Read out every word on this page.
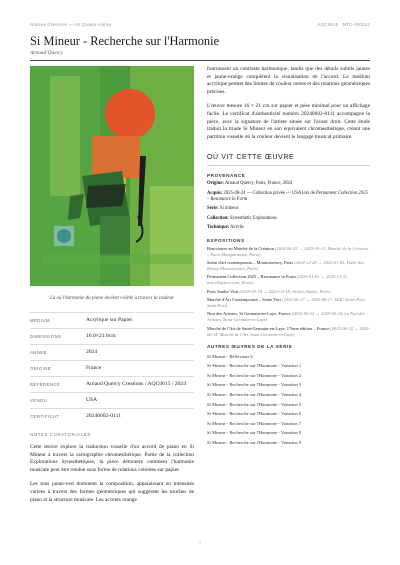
Notices d'œuvres — Art Quaen Anima	AQC0615 · NTC-000212
Si Mineur - Recherche sur l'Harmonie
Arnaud Quercy
Là où l'harmonie du piano devient visible à travers la couleur
MÉDIUM	Acrylique sur Papier
DIMENSIONS	16.0×21.0cm
ANNÉE	2024
ORIGINE	France
RÉFÉRENCE	Arnaud Quercy Creations / AQC0615 / 2024
VENDU	USA
CERTIFICAT	20240602-0111
NOTES CURATORIALES
Cette œuvre explore la traduction visuelle d'un accord de piano en Si Mineur à travers la cartographie chromesthétique. Partie de la collection Explorations Synesthétiques, la pièce démontre comment l'harmonie musicale peut être rendue sous forme de relations colorées sur papier.
Les tons jaune-vert dominent la composition, apparaissant en intensités variées à travers des formes géométriques qui suggèrent les touches de piano et la structure musicale. Les accents orange
fournissent un contraste harmonique, tandis que des détails subtils jaunes et jaune-orange complètent la visualisation de l'accord. Le médium acrylique permet des limites de couleur nettes et des relations géométriques précises.
L'œuvre mesure 16 × 21 cm sur papier et pèse minimal pour un affichage facile. Le certificat d'authenticité numéro 20240602-0111 accompagne la pièce, avec la signature de l'artiste située sur l'avant droit. Cette étude traduit la triade Si Mineur en son équivalent chromesthétique, créant une partition visuelle où la couleur devient le langage musical primaire.
OÙ VIT CETTE ŒUVRE
PROVENANCE
Origine: Arnaud Quercy, Paris, France, 2024
Acquis: 2025-08-24 — Collection privée — USA lors de Permanent Collection 2025 – Resonance in Form
Série: Si mineur
Collection: Synesthetic Explorations
Technique: Acrylic
EXPOSITIONS
Rencontres au Marché de la Création (2024-06-23 → 2025-10-13, Marché de la Création – Paris Montparnasse, Paris)
Salon d'art contemporain – Montmorency, Paris (2024-12-26 → 2025-01-05, Halle des Roissy-Montmorency, Paris)
Permanent Collection 2025 – Resonance in Form (2025-01-01 → 2025-12-31, artcollapsnet.com, Paris)
Paris Studio Visit (2025-03-18 → 2025-03-18, Artist's Studio, Paris)
Marché d'Art Contemporain – Seine Port (2025-06-17 → 2025-06-17, MAC Seine-Port, Saint-Port)
Nuit des Artistes, St Germain-en-Laye, France (2025-06-24 → 2025-06-24, La Nuit des Artistes, Saint-Germain-en-Laye)
Marché de l'Art de Saint-Germain-en-Laye, 17ème édition – France (2025-06-14 → 2025-06-14, Marché de l'Art, Saint-Germain-en-Laye)
AUTRES ŒUVRES DE LA SÉRIE
Si Mineur - Réflexions 6
Si Mineur - Recherche sur l'Harmonie - Variation 1
Si Mineur - Recherche sur l'Harmonie - Variation 2
Si Mineur - Recherche sur l'Harmonie - Variation 3
Si Mineur - Recherche sur l'Harmonie - Variation 4
Si Mineur - Recherche sur l'Harmonie - Variation 5
Si Mineur - Recherche sur l'Harmonie - Variation 6
Si Mineur - Recherche sur l'Harmonie - Variation 7
Si Mineur - Recherche sur l'Harmonie - Variation 8
Si Mineur - Recherche sur l'Harmonie - Variation 9
1
